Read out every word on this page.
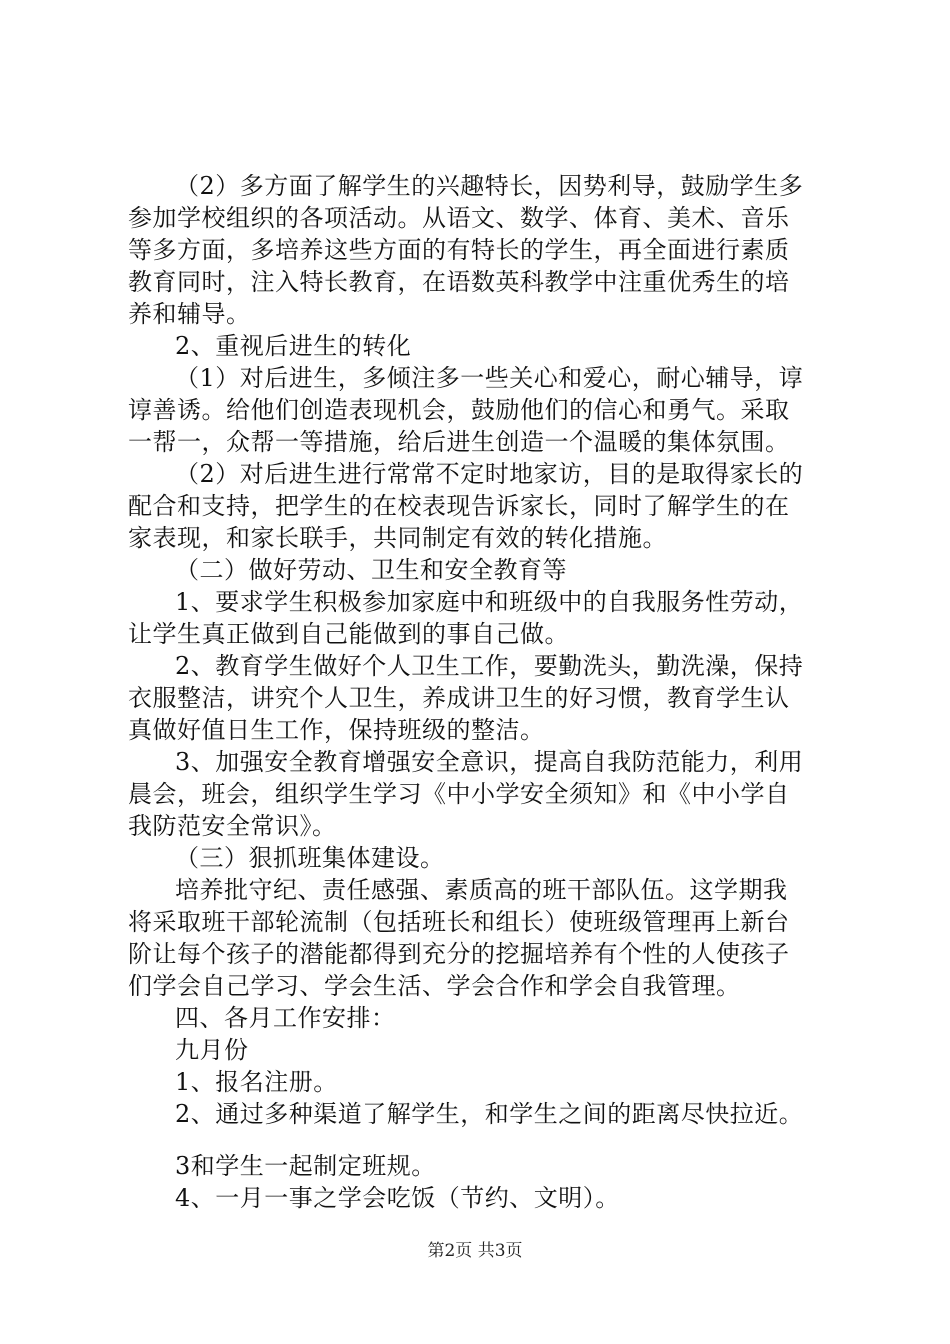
（2）多方面了解学生的兴趣特长，因势利导，鼓励学生多
参加学校组织的各项活动。从语文、数学、体育、美术、音乐
等多方面，多培养这些方面的有特长的学生，再全面进行素质
教育同时，注入特长教育，在语数英科教学中注重优秀生的培
养和辅导。
2、重视后进生的转化
（1）对后进生，多倾注多一些关心和爱心，耐心辅导，谆
谆善诱。给他们创造表现机会，鼓励他们的信心和勇气。采取
一帮一，众帮一等措施，给后进生创造一个温暖的集体氛围。
（2）对后进生进行常常不定时地家访，目的是取得家长的
配合和支持，把学生的在校表现告诉家长，同时了解学生的在
家表现，和家长联手，共同制定有效的转化措施。
（二）做好劳动、卫生和安全教育等
1、要求学生积极参加家庭中和班级中的自我服务性劳动，
让学生真正做到自己能做到的事自己做。
2、教育学生做好个人卫生工作，要勤洗头，勤洗澡，保持
衣服整洁，讲究个人卫生，养成讲卫生的好习惯，教育学生认
真做好值日生工作，保持班级的整洁。
3、加强安全教育增强安全意识，提高自我防范能力，利用
晨会，班会，组织学生学习《中小学安全须知》和《中小学自
我防范安全常识》。
（三）狠抓班集体建设。
培养批守纪、责任感强、素质高的班干部队伍。这学期我
将采取班干部轮流制（包括班长和组长）使班级管理再上新台
阶让每个孩子的潜能都得到充分的挖掘培养有个性的人使孩子
们学会自己学习、学会生活、学会合作和学会自我管理。
四、各月工作安排：
九月份
1、报名注册。
2、通过多种渠道了解学生，和学生之间的距离尽快拉近。
3和学生一起制定班规。
4、一月一事之学会吃饭（节约、文明）。
第2页 共3页
